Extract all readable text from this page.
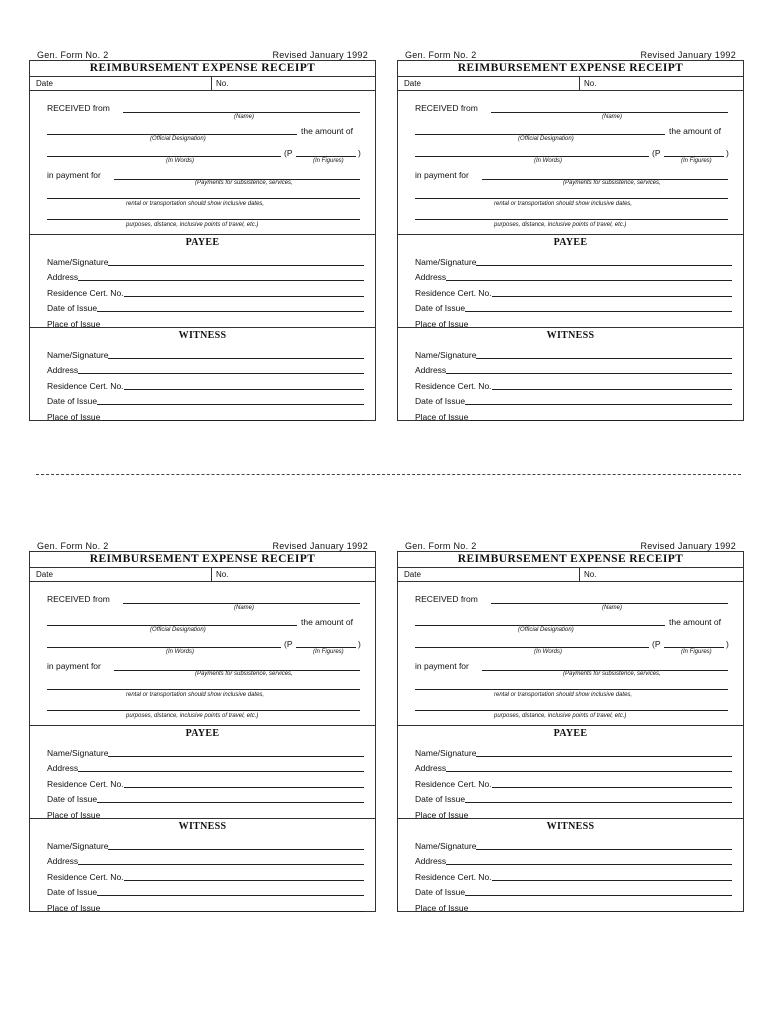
Gen. Form No. 2	Revised January 1992
REIMBURSEMENT EXPENSE RECEIPT
Date	No.
RECEIVED from
(Name)
the amount of
(Official Designation)
(P	)
(In Words)	(In Figures)
in payment for
(Payments for subsistence, services,
rental or transportation should show inclusive dates,
purposes, distance, inclusive points of travel, etc.)
PAYEE
Name/Signature
Address
Residence Cert. No.
Date of Issue
Place of Issue
WITNESS
Name/Signature
Address
Residence Cert. No.
Date of Issue
Place of Issue
Gen. Form No. 2	Revised January 1992
REIMBURSEMENT EXPENSE RECEIPT
Date	No.
RECEIVED from
(Name)
the amount of
(Official Designation)
(P	)
(In Words)	(In Figures)
in payment for
(Payments for subsistence, services,
rental or transportation should show inclusive dates,
purposes, distance, inclusive points of travel, etc.)
PAYEE
Name/Signature
Address
Residence Cert. No.
Date of Issue
Place of Issue
WITNESS
Name/Signature
Address
Residence Cert. No.
Date of Issue
Place of Issue
Gen. Form No. 2	Revised January 1992
REIMBURSEMENT EXPENSE RECEIPT
Date	No.
RECEIVED from
(Name)
the amount of
(Official Designation)
(P	)
(In Words)	(In Figures)
in payment for
(Payments for subsistence, services,
rental or transportation should show inclusive dates,
purposes, distance, inclusive points of travel, etc.)
PAYEE
Name/Signature
Address
Residence Cert. No.
Date of Issue
Place of Issue
WITNESS
Name/Signature
Address
Residence Cert. No.
Date of Issue
Place of Issue
Gen. Form No. 2	Revised January 1992
REIMBURSEMENT EXPENSE RECEIPT
Date	No.
RECEIVED from
(Name)
the amount of
(Official Designation)
(P	)
(In Words)	(In Figures)
in payment for
(Payments for subsistence, services,
rental or transportation should show inclusive dates,
purposes, distance, inclusive points of travel, etc.)
PAYEE
Name/Signature
Address
Residence Cert. No.
Date of Issue
Place of Issue
WITNESS
Name/Signature
Address
Residence Cert. No.
Date of Issue
Place of Issue
